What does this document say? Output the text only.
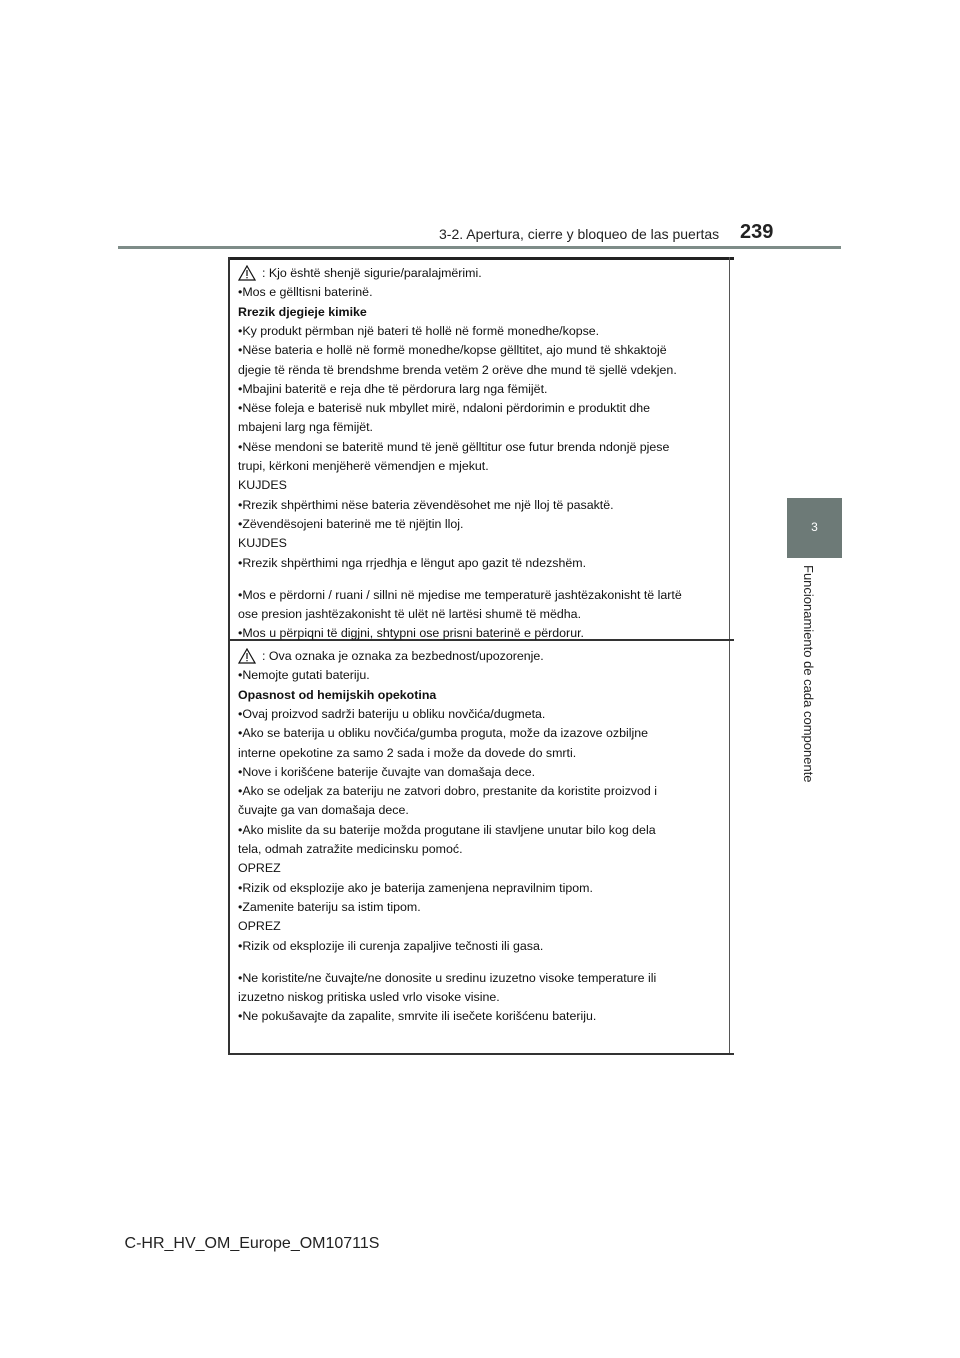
3-2. Apertura, cierre y bloqueo de las puertas 239
3
Funcionamiento de cada componente
: Kjo është shenjë sigurie/paralajmërimi.
•Mos e gëlltisni baterinë.
Rrezik djegieje kimike
•Ky produkt përmban një bateri të hollë në formë monedhe/kopse.
•Nëse bateria e hollë në formë monedhe/kopse gëlltitet, ajo mund të shkaktojë
djegie të rënda të brendshme brenda vetëm 2 orëve dhe mund të sjellë vdekjen.
•Mbajini bateritë e reja dhe të përdorura larg nga fëmijët.
•Nëse foleja e baterisë nuk mbyllet mirë, ndaloni përdorimin e produktit dhe
mbajeni larg nga fëmijët.
•Nëse mendoni se bateritë mund të jenë gëlltitur ose futur brenda ndonjë pjese
trupi, kërkoni menjëherë vëmendjen e mjekut.
KUJDES
•Rrezik shpërthimi nëse bateria zëvendësohet me një lloj të pasaktë.
•Zëvendësojeni baterinë me të njëjtin lloj.
KUJDES
•Rrezik shpërthimi nga rrjedhja e lëngut apo gazit të ndezshëm.
•Mos e përdorni / ruani / sillni në mjedise me temperaturë jashtëzakonisht të lartë
ose presion jashtëzakonisht të ulët në lartësi shumë të mëdha.
•Mos u përpiqni të digjni, shtypni ose prisni baterinë e përdorur.
: Ova oznaka je oznaka za bezbednost/upozorenje.
•Nemojte gutati bateriju.
Opasnost od hemijskih opekotina
•Ovaj proizvod sadrži bateriju u obliku novčića/dugmeta.
•Ako se baterija u obliku novčića/gumba proguta, može da izazove ozbiljne
interne opekotine za samo 2 sada i može da dovede do smrti.
•Nove i korišćene baterije čuvajte van domašaja dece.
•Ako se odeljak za bateriju ne zatvori dobro, prestanite da koristite proizvod i
čuvajte ga van domašaja dece.
•Ako mislite da su baterije možda progutane ili stavljene unutar bilo kog dela
tela, odmah zatražite medicinsku pomoć.
OPREZ
•Rizik od eksplozije ako je baterija zamenjena nepravilnim tipom.
•Zamenite bateriju sa istim tipom.
OPREZ
•Rizik od eksplozije ili curenja zapaljive tečnosti ili gasa.
•Ne koristite/ne čuvajte/ne donosite u sredinu izuzetno visoke temperature ili
izuzetno niskog pritiska usled vrlo visoke visine.
•Ne pokušavajte da zapalite, smrvite ili isečete korišćenu bateriju.
C-HR_HV_OM_Europe_OM10711S
